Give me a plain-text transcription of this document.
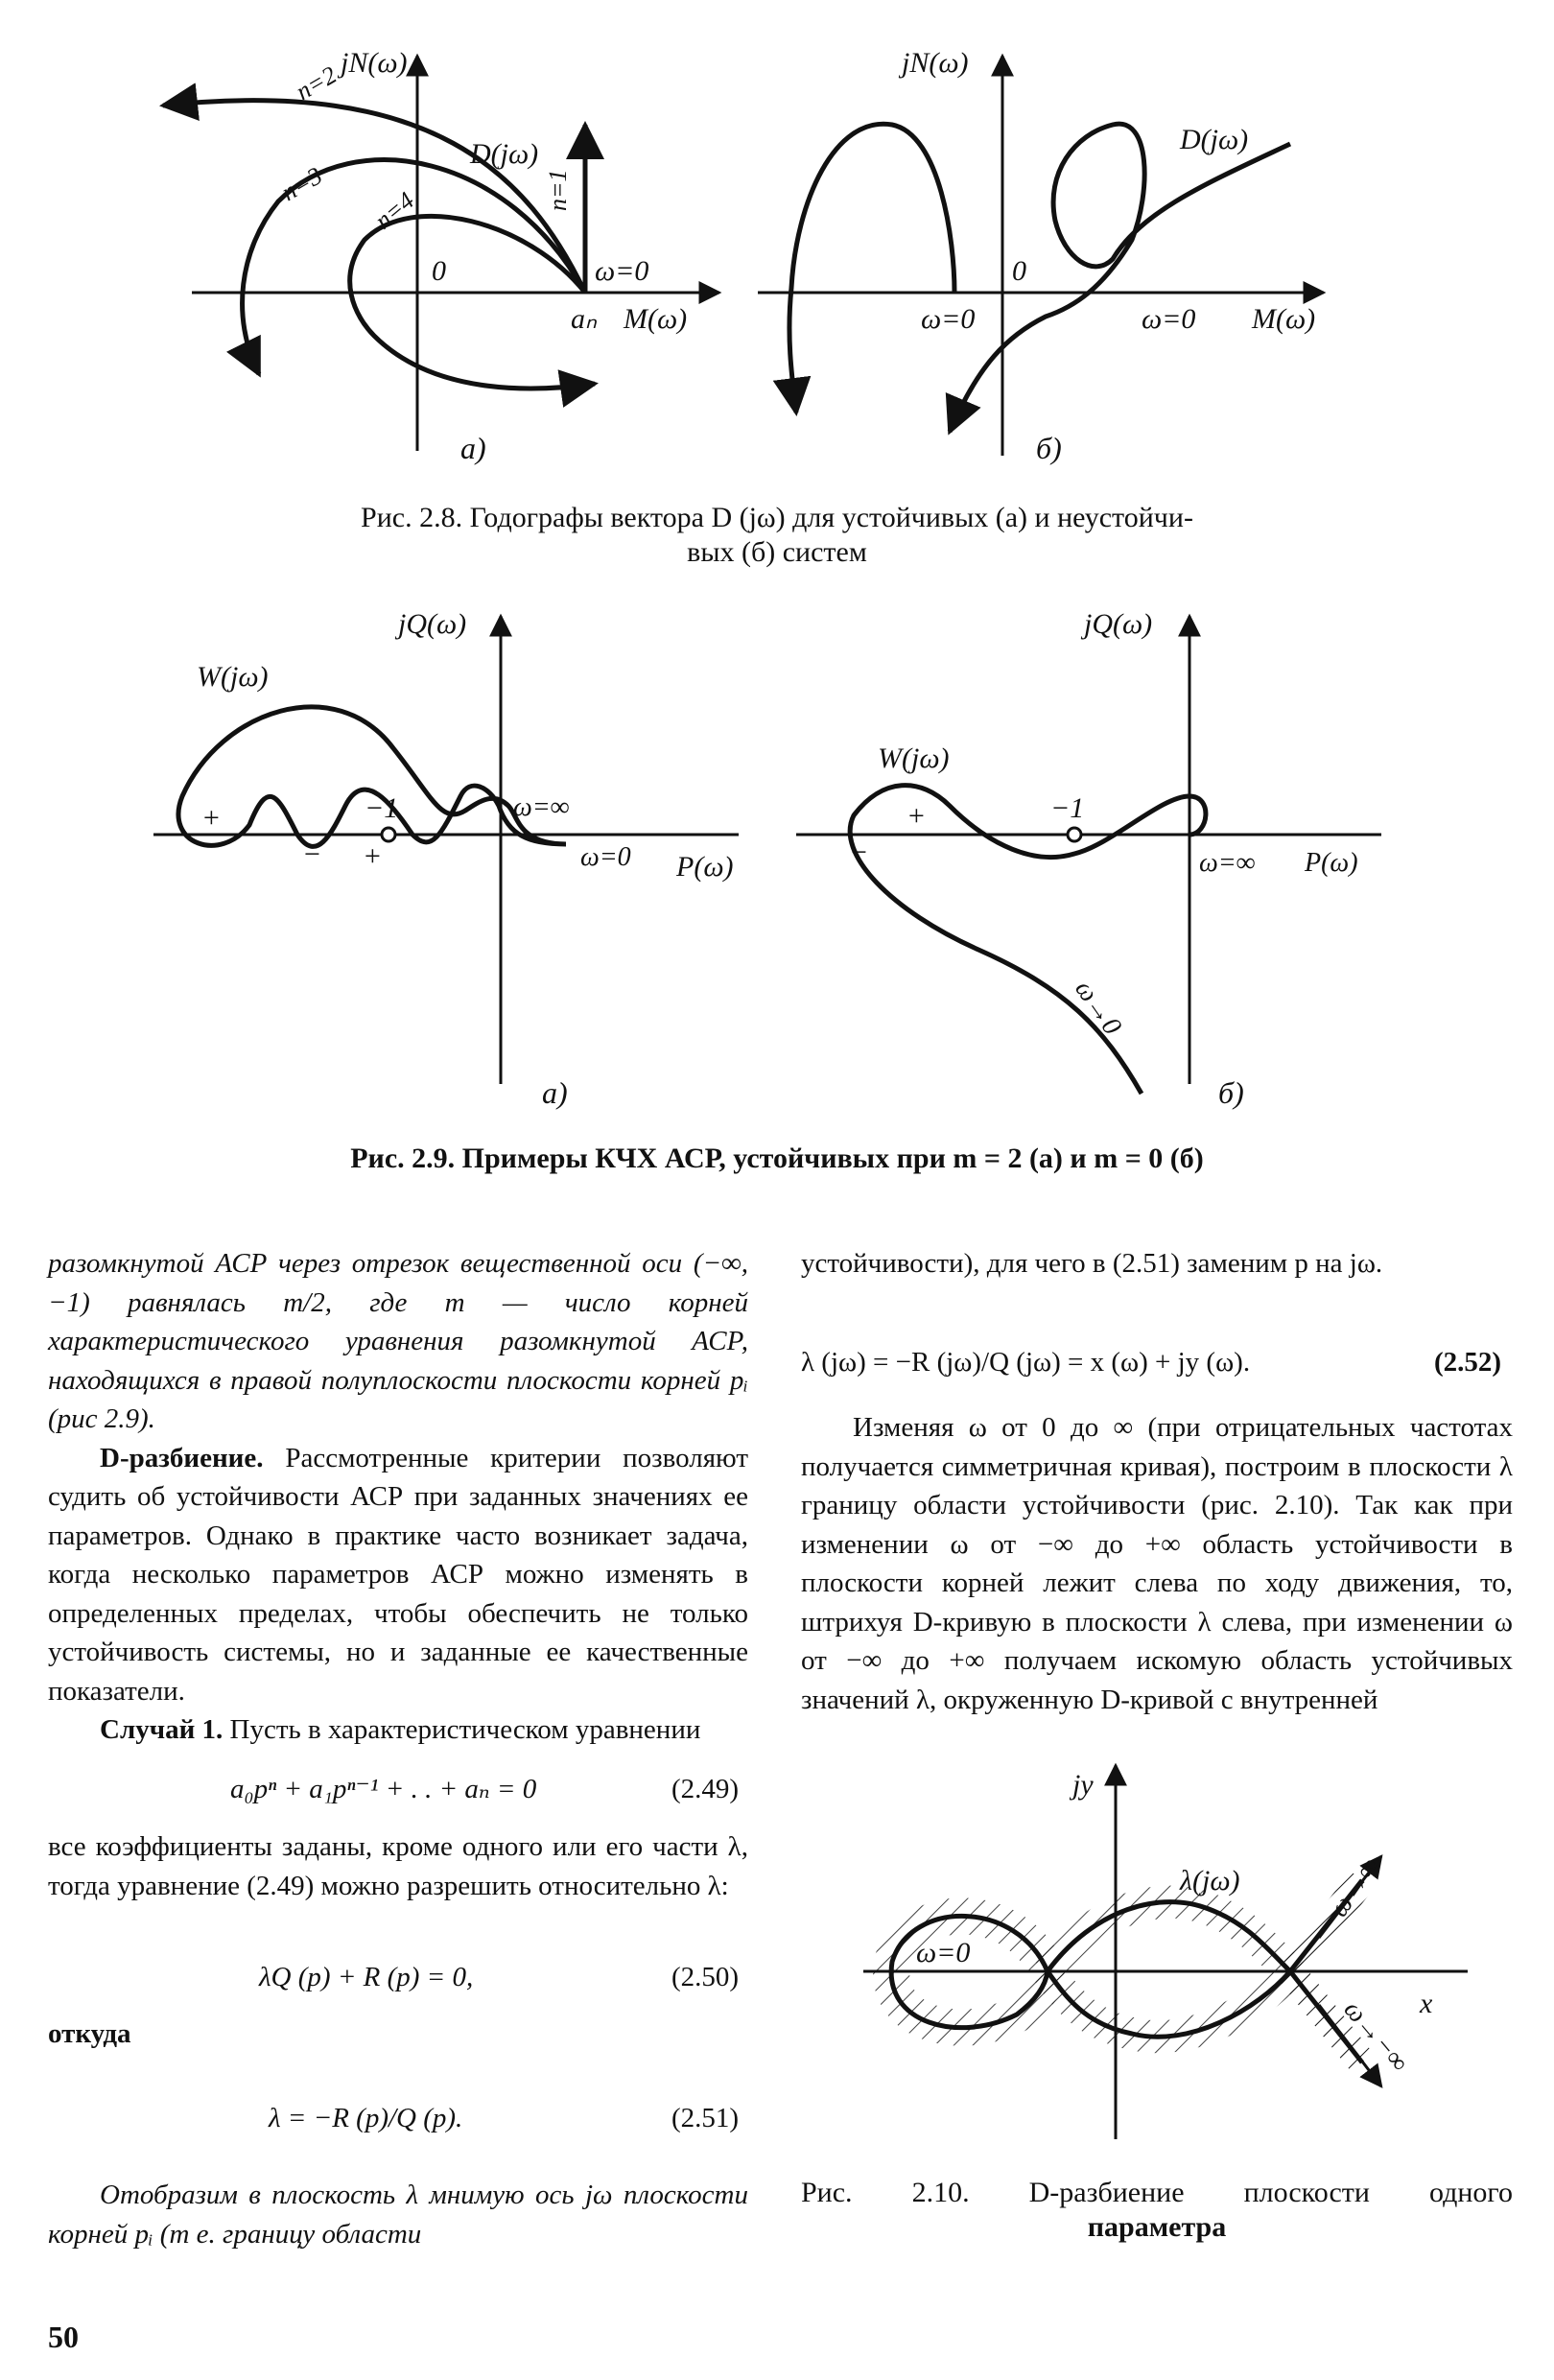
jN(ω)
M(ω)
0
D(jω)
ω=0
aₙ
n=1
n=2
n=3
n=4
а)
jN(ω)
M(ω)
0
D(jω)
ω=0	ω=0
б)
Рис. 2.8. Годографы вектора D (jω) для устойчивых (а) и неустойчи-
вых (б) систем
jQ(ω)
P(ω)
W(jω)
−1	ω=∞
ω=0
+
− +
а)
jQ(ω)
P(ω)
W(jω)
−1
ω=∞
ω→0
+
−
б)
Рис. 2.9. Примеры КЧХ АСР, устойчивых при m = 2 (а) и m = 0 (б)

разомкнутой АСР через отрезок вещественной оси (−∞, −1) равнялась m/2, где m — число корней характеристического уравнения разомкнутой АСР, находящихся в правой полуплоскости плоскости корней pᵢ (рис 2.9).

D-разбиение. Рассмотренные критерии позволяют судить об устойчивости АСР при заданных значениях ее параметров. Однако в практике часто возникает задача, когда несколько параметров АСР можно изменять в определенных пределах, чтобы обеспечить не только устойчивость системы, но и заданные ее качественные показатели.

Случай 1. Пусть в характеристическом уравнении

a₀pⁿ + a₁pⁿ⁻¹ + . . + aₙ = 0	(2.49)
все коэффициенты заданы, кроме одного или его части λ, тогда уравнение (2.49) можно разрешить относительно λ:
λQ (p) + R (p) = 0,	(2.50)
откуда
λ = −R (p)/Q (p).	(2.51)
Отобразим в плоскость λ мнимую ось jω плоскости корней pᵢ (т е. границу области
устойчивости), для чего в (2.51) заменим p на jω.
λ (jω) = −R (jω)/Q (jω) = x (ω) + jy (ω).	(2.52)
Изменяя ω от 0 до ∞ (при отрицательных частотах получается симметричная кривая), построим в плоскости λ границу области устойчивости (рис. 2.10). Так как при изменении ω от −∞ до +∞ область устойчивости в плоскости корней лежит слева по ходу движения, то, штрихуя D-кривую в плоскости λ слева, при изменении ω от −∞ до +∞ получаем искомую область устойчивых значений λ, окруженную D-кривой с внутренней
jy
x
λ(jω)
ω=0
ω→∞
ω→−∞
Рис. 2.10. D-разбиение плоскости одного
параметра
50
